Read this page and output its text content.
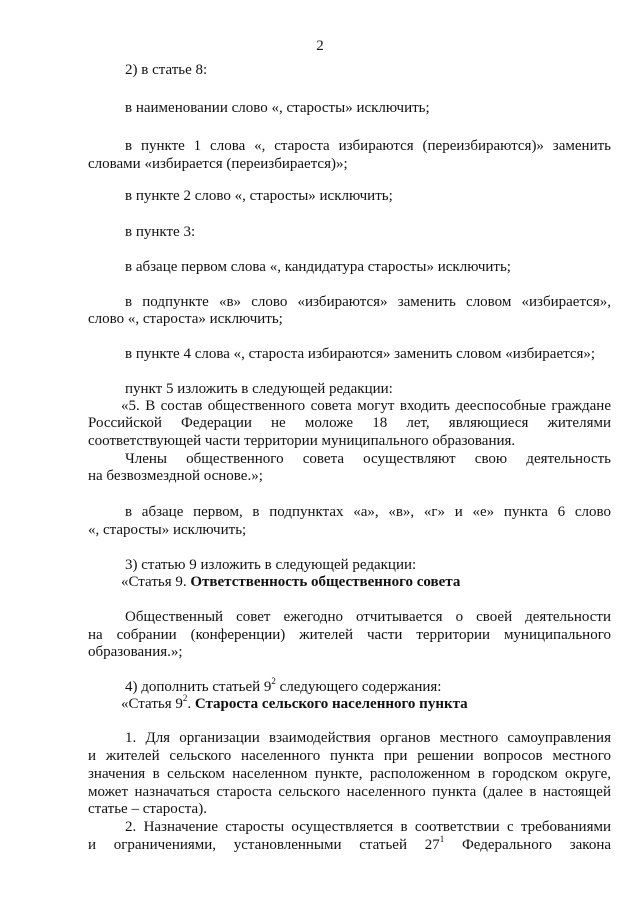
2
2) в статье 8:
в наименовании слово «, старосты» исключить;
в пункте 1 слова «, староста избираются (переизбираются)» заменить
словами «избирается (переизбирается)»;
в пункте 2 слово «, старосты» исключить;
в пункте 3:
в абзаце первом слова «, кандидатура старосты» исключить;
в подпункте «в» слово «избираются» заменить словом «избирается»,
слово «, староста» исключить;
в пункте 4 слова «, староста избираются» заменить словом «избирается»;
пункт 5 изложить в следующей редакции:
«5. В состав общественного совета могут входить дееспособные граждане
Российской Федерации не моложе 18 лет, являющиеся жителями
соответствующей части территории муниципального образования.
Члены общественного совета осуществляют свою деятельность
на безвозмездной основе.»;
в абзаце первом, в подпунктах «а», «в», «г» и «е» пункта 6 слово
«, старосты» исключить;
3) статью 9 изложить в следующей редакции:
«Статья 9. Ответственность общественного совета
Общественный совет ежегодно отчитывается о своей деятельности
на собрании (конференции) жителей части территории муниципального
образования.»;
4) дополнить статьей $9^2$ следующего содержания:
«Статья $9^2$. Староста сельского населенного пункта
1. Для организации взаимодействия органов местного самоуправления
и жителей сельского населенного пункта при решении вопросов местного
значения в сельском населенном пункте, расположенном в городском округе,
может назначаться староста сельского населенного пункта (далее в настоящей
статье – староста).
2. Назначение старосты осуществляется в соответствии с требованиями
и ограничениями, установленными статьей $27^1$ Федерального закона
